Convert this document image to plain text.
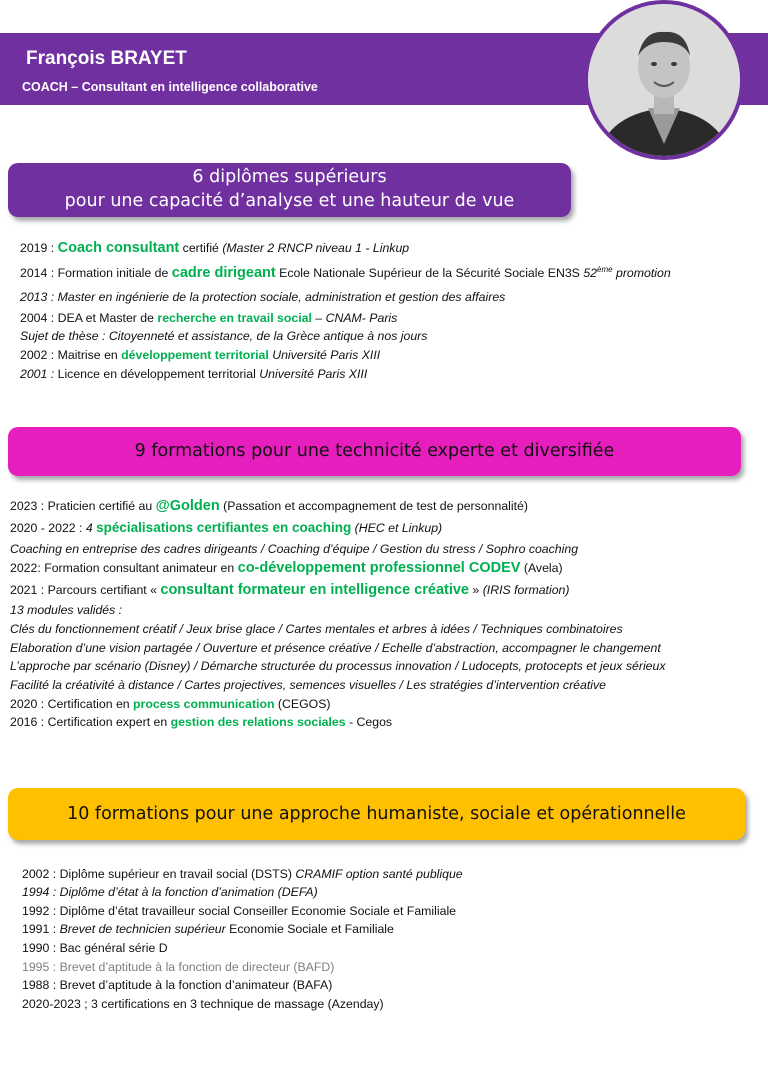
François BRAYET
COACH – Consultant en intelligence collaborative
6 diplômes supérieurs
pour une capacité d’analyse et une hauteur de vue
2019 : Coach consultant certifié (Master 2 RNCP niveau 1 - Linkup
2014 : Formation initiale de cadre dirigeant Ecole Nationale Supérieur de la Sécurité Sociale EN3S 52ème promotion
2013 : Master en ingénierie de la protection sociale, administration et gestion des affaires
2004 : DEA et Master de recherche en travail social – CNAM- Paris
Sujet de thèse : Citoyenneté et assistance, de la Grèce antique à nos jours
2002 : Maitrise en développement territorial Université Paris XIII
2001 : Licence en développement territorial Université Paris XIII
9 formations pour une technicité experte et diversifiée
2023 : Praticien certifié au @Golden (Passation et accompagnement de test de personnalité)
2020 - 2022 : 4 spécialisations certifiantes en coaching (HEC et Linkup)
Coaching en entreprise des cadres dirigeants / Coaching d’équipe / Gestion du stress / Sophro coaching
2022: Formation consultant animateur en co-développement professionnel CODEV (Avela)
2021 : Parcours certifiant « consultant formateur en intelligence créative » (IRIS formation)
13 modules validés :
Clés du fonctionnement créatif / Jeux brise glace / Cartes mentales et arbres à idées / Techniques combinatoires
Elaboration d’une vision partagée / Ouverture et présence créative / Echelle d’abstraction, accompagner le changement
L’approche par scénario (Disney) / Démarche structurée du processus innovation / Ludocepts, protocepts et jeux sérieux
Facilité la créativité à distance / Cartes projectives, semences visuelles / Les stratégies d’intervention créative
2020 : Certification en process communication (CEGOS)
2016 : Certification expert en gestion des relations sociales - Cegos
10 formations pour une approche humaniste, sociale et opérationnelle
2002 : Diplôme supérieur en travail social (DSTS) CRAMIF option santé publique
1994 : Diplôme d’état à la fonction d’animation (DEFA)
1992 : Diplôme d’état travailleur social Conseiller Economie Sociale et Familiale
1991 : Brevet de technicien supérieur Economie Sociale et Familiale
1990 : Bac général série D
1995 : Brevet d’aptitude à la fonction de directeur (BAFD)
1988 : Brevet d’aptitude à la fonction d’animateur (BAFA)
2020-2023 ; 3 certifications en 3 technique de massage (Azenday)
